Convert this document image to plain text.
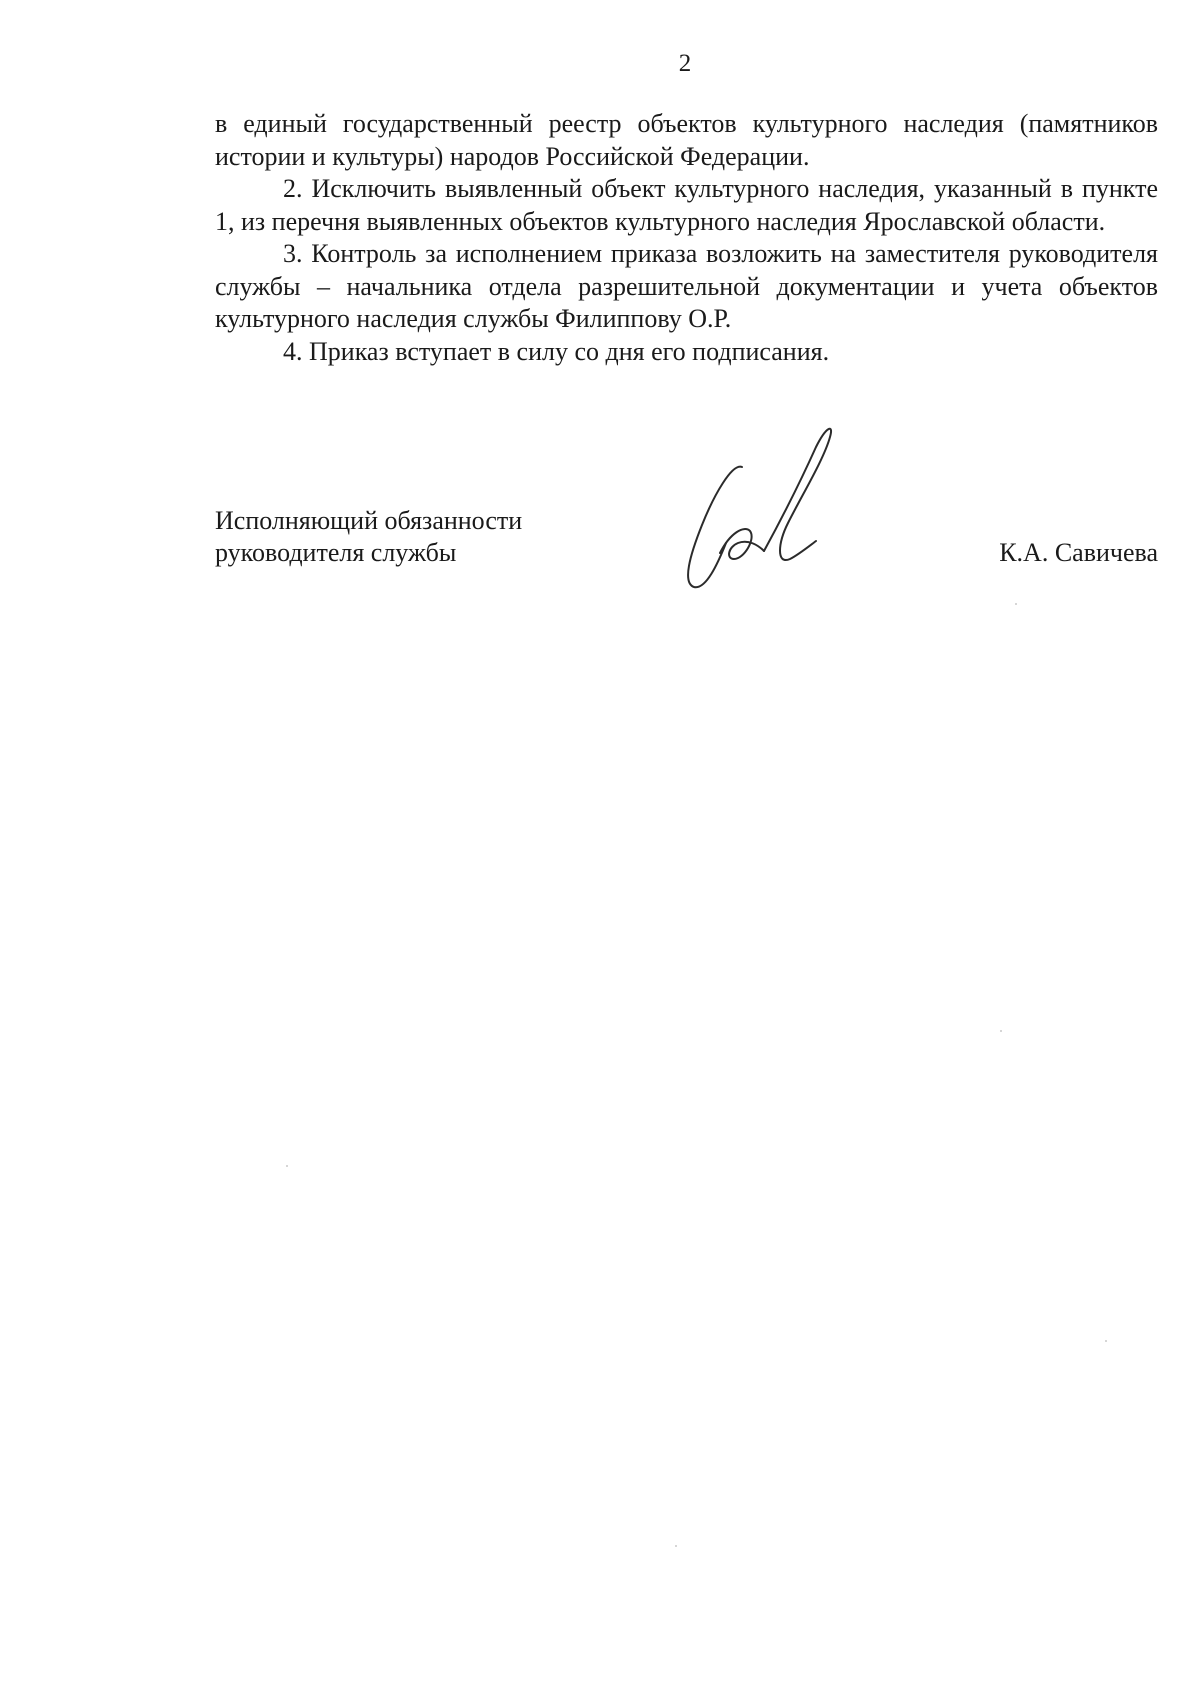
2

в единый государственный реестр объектов культурного наследия (памятников истории и культуры) народов Российской Федерации.

2. Исключить выявленный объект культурного наследия, указанный в пункте 1, из перечня выявленных объектов культурного наследия Ярославской области.

3. Контроль за исполнением приказа возложить на заместителя руководителя службы – начальника отдела разрешительной документации и учета объектов культурного наследия службы Филиппову О.Р.

4. Приказ вступает в силу со дня его подписания.

Исполняющий обязанности
руководителя службы	К.А. Савичева
